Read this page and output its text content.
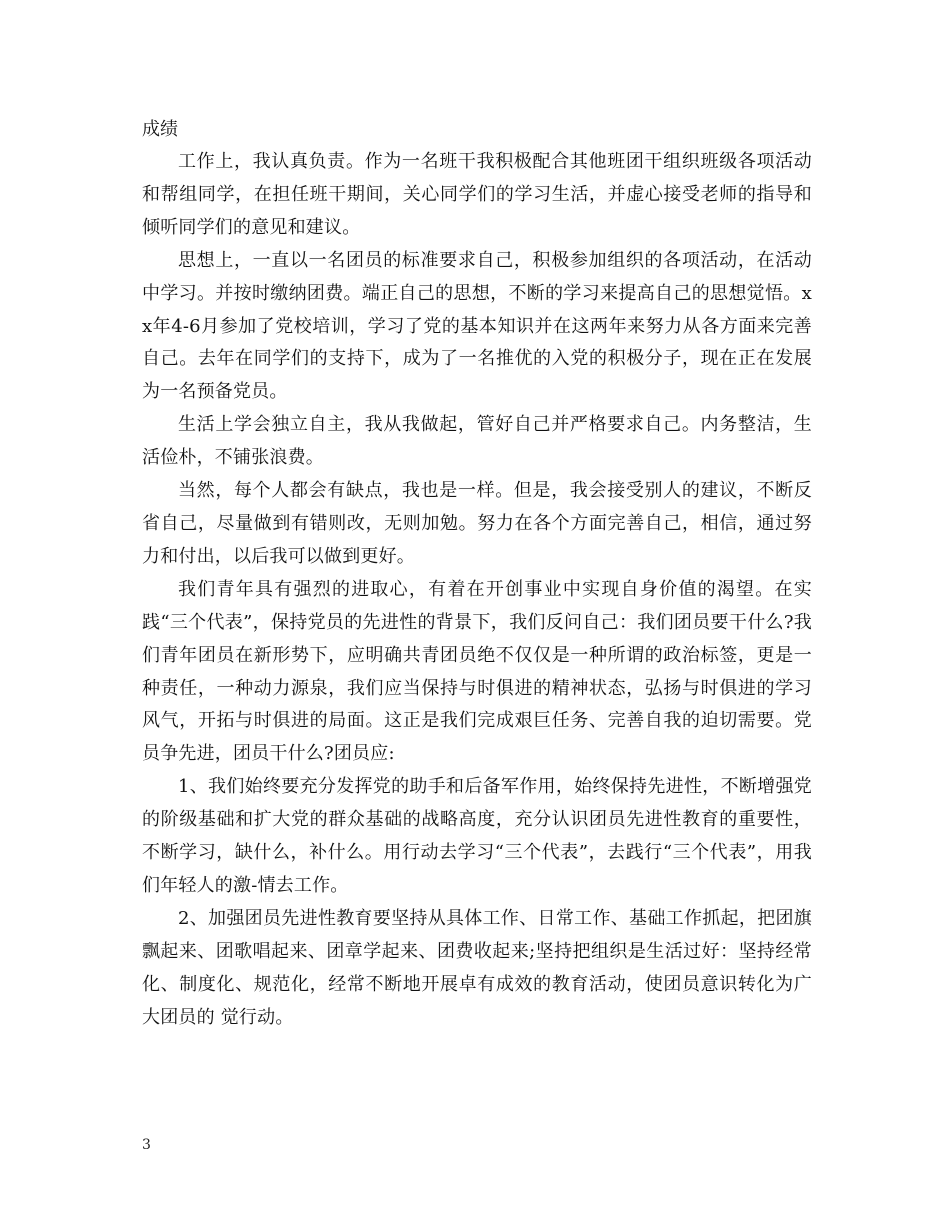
成绩

工作上，我认真负责。作为一名班干我积极配合其他班团干组织班级各项活动和帮组同学，在担任班干期间，关心同学们的学习生活，并虚心接受老师的指导和倾听同学们的意见和建议。

思想上，一直以一名团员的标准要求自己，积极参加组织的各项活动，在活动中学习。并按时缴纳团费。端正自己的思想，不断的学习来提高自己的思想觉悟。xx年4-6月参加了党校培训，学习了党的基本知识并在这两年来努力从各方面来完善自己。去年在同学们的支持下，成为了一名推优的入党的积极分子，现在正在发展为一名预备党员。

生活上学会独立自主，我从我做起，管好自己并严格要求自己。内务整洁，生活俭朴，不铺张浪费。

当然，每个人都会有缺点，我也是一样。但是，我会接受别人的建议，不断反省自己，尽量做到有错则改，无则加勉。努力在各个方面完善自己，相信，通过努力和付出，以后我可以做到更好。

我们青年具有强烈的进取心，有着在开创事业中实现自身价值的渴望。在实践“三个代表”，保持党员的先进性的背景下，我们反问自己：我们团员要干什么?我们青年团员在新形势下，应明确共青团员绝不仅仅是一种所谓的政治标签，更是一种责任，一种动力源泉，我们应当保持与时俱进的精神状态，弘扬与时俱进的学习风气，开拓与时俱进的局面。这正是我们完成艰巨任务、完善自我的迫切需要。党员争先进，团员干什么?团员应:

1、我们始终要充分发挥党的助手和后备军作用，始终保持先进性，不断增强党的阶级基础和扩大党的群众基础的战略高度，充分认识团员先进性教育的重要性，不断学习，缺什么，补什么。用行动去学习“三个代表”，去践行“三个代表”，用我们年轻人的激-情去工作。

2、加强团员先进性教育要坚持从具体工作、日常工作、基础工作抓起，把团旗飘起来、团歌唱起来、团章学起来、团费收起来;坚持把组织是生活过好：坚持经常化、制度化、规范化，经常不断地开展卓有成效的教育活动，使团员意识转化为广大团员的 觉行动。

3
